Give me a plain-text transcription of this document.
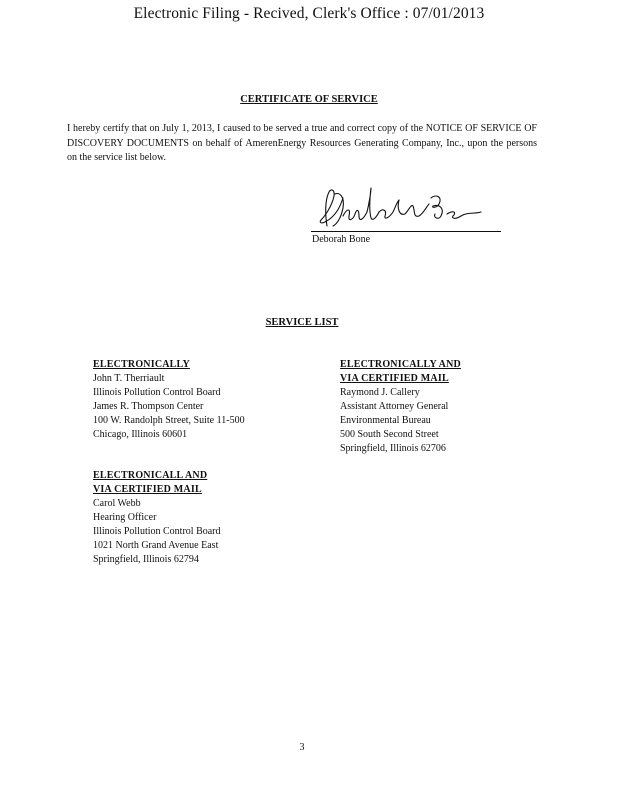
Electronic Filing - Recived, Clerk's Office : 07/01/2013
CERTIFICATE OF SERVICE
I hereby certify that on July 1, 2013, I caused to be served a true and correct copy of the NOTICE OF SERVICE OF DISCOVERY DOCUMENTS on behalf of AmerenEnergy Resources Generating Company, Inc., upon the persons on the service list below.
Deborah Bone
SERVICE LIST
ELECTRONICALLY
John T. Therriault
Illinois Pollution Control Board
James R. Thompson Center
100 W. Randolph Street, Suite 11-500
Chicago, Illinois 60601
ELECTRONICALLY AND
VIA CERTIFIED MAIL
Raymond J. Callery
Assistant Attorney General
Environmental Bureau
500 South Second Street
Springfield, Illinois 62706
ELECTRONICALL AND
VIA CERTIFIED MAIL
Carol Webb
Hearing Officer
Illinois Pollution Control Board
1021 North Grand Avenue East
Springfield, Illinois 62794
3
